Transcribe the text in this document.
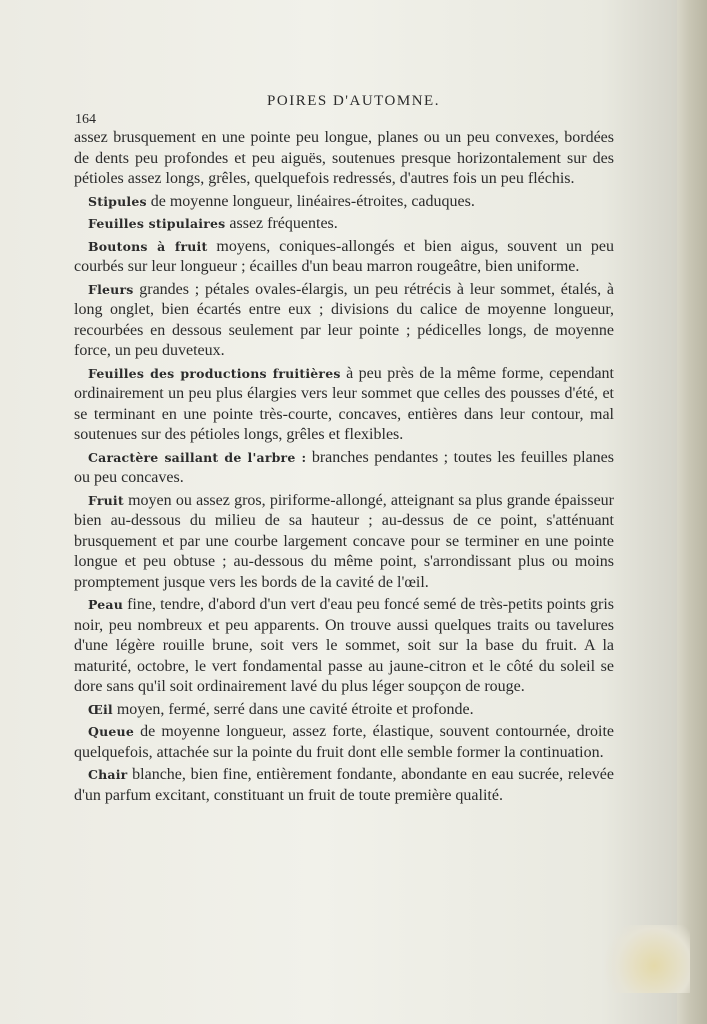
POIRES D'AUTOMNE.
164

assez brusquement en une pointe peu longue, planes ou un peu convexes, bordées de dents peu profondes et peu aiguës, soutenues presque horizontalement sur des pétioles assez longs, grêles, quelquefois redressés, d'autres fois un peu fléchis.

Stipules de moyenne longueur, linéaires-étroites, caduques.

Feuilles stipulaires assez fréquentes.

Boutons à fruit moyens, coniques-allongés et bien aigus, souvent un peu courbés sur leur longueur ; écailles d'un beau marron rougeâtre, bien uniforme.

Fleurs grandes ; pétales ovales-élargis, un peu rétrécis à leur sommet, étalés, à long onglet, bien écartés entre eux ; divisions du calice de moyenne longueur, recourbées en dessous seulement par leur pointe ; pédicelles longs, de moyenne force, un peu duveteux.

Feuilles des productions fruitières à peu près de la même forme, cependant ordinairement un peu plus élargies vers leur sommet que celles des pousses d'été, et se terminant en une pointe très-courte, concaves, entières dans leur contour, mal soutenues sur des pétioles longs, grêles et flexibles.

Caractère saillant de l'arbre : branches pendantes ; toutes les feuilles planes ou peu concaves.

Fruit moyen ou assez gros, piriforme-allongé, atteignant sa plus grande épaisseur bien au-dessous du milieu de sa hauteur ; au-dessus de ce point, s'atténuant brusquement et par une courbe largement concave pour se terminer en une pointe longue et peu obtuse ; au-dessous du même point, s'arrondissant plus ou moins promptement jusque vers les bords de la cavité de l'œil.

Peau fine, tendre, d'abord d'un vert d'eau peu foncé semé de très-petits points gris noir, peu nombreux et peu apparents. On trouve aussi quelques traits ou tavelures d'une légère rouille brune, soit vers le sommet, soit sur la base du fruit. A la maturité, octobre, le vert fondamental passe au jaune-citron et le côté du soleil se dore sans qu'il soit ordinairement lavé du plus léger soupçon de rouge.

Œil moyen, fermé, serré dans une cavité étroite et profonde.

Queue de moyenne longueur, assez forte, élastique, souvent contournée, droite quelquefois, attachée sur la pointe du fruit dont elle semble former la continuation.

Chair blanche, bien fine, entièrement fondante, abondante en eau sucrée, relevée d'un parfum excitant, constituant un fruit de toute première qualité.
